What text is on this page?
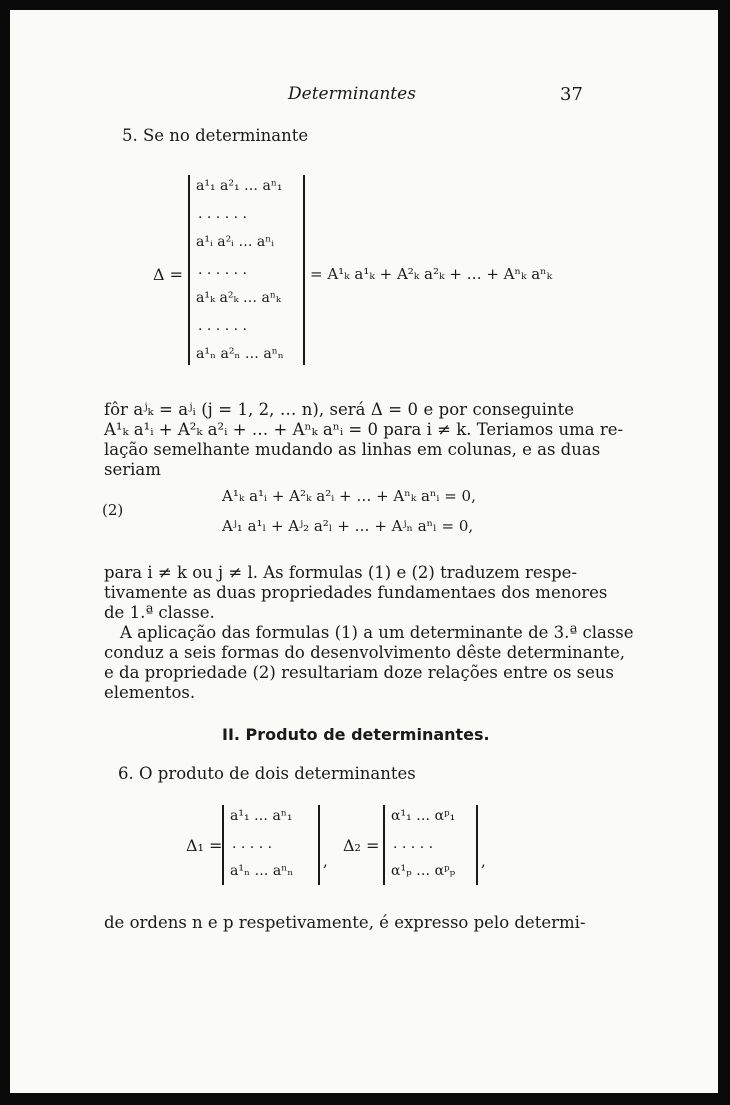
Determinantes	37
5. Se no determinante
Δ =
a¹₁ a²₁ … aⁿ₁
. . . . . .
a¹ᵢ a²ᵢ … aⁿᵢ
. . . . . .
a¹ₖ a²ₖ … aⁿₖ
. . . . . .
a¹ₙ a²ₙ … aⁿₙ
= A¹ₖ a¹ₖ + A²ₖ a²ₖ + … + Aⁿₖ aⁿₖ
fôr aʲₖ = aʲᵢ (j = 1, 2, … n), será Δ = 0 e por conseguinte
A¹ₖ a¹ᵢ + A²ₖ a²ᵢ + … + Aⁿₖ aⁿᵢ = 0 para i ≠ k. Teriamos uma re-
lação semelhante mudando as linhas em colunas, e as duas
seriam
(2)
A¹ₖ a¹ᵢ + A²ₖ a²ᵢ + … + Aⁿₖ aⁿᵢ = 0,
Aʲ₁ a¹ₗ + Aʲ₂ a²ₗ + … + Aʲₙ aⁿₗ = 0,
para i ≠ k ou j ≠ l. As formulas (1) e (2) traduzem respe-
tivamente as duas propriedades fundamentaes dos menores
de 1.ª classe.
A aplicação das formulas (1) a um determinante de 3.ª classe
conduz a seis formas do desenvolvimento dêste determinante,
e da propriedade (2) resultariam doze relações entre os seus
elementos.
II. Produto de determinantes.
6. O produto de dois determinantes
Δ₁ =
a¹₁ … aⁿ₁
. . . . .
a¹ₙ … aⁿₙ
,
Δ₂ =
α¹₁ … αᵖ₁
. . . . .
α¹ₚ … αᵖₚ
,
de ordens n e p respetivamente, é expresso pelo determi-
